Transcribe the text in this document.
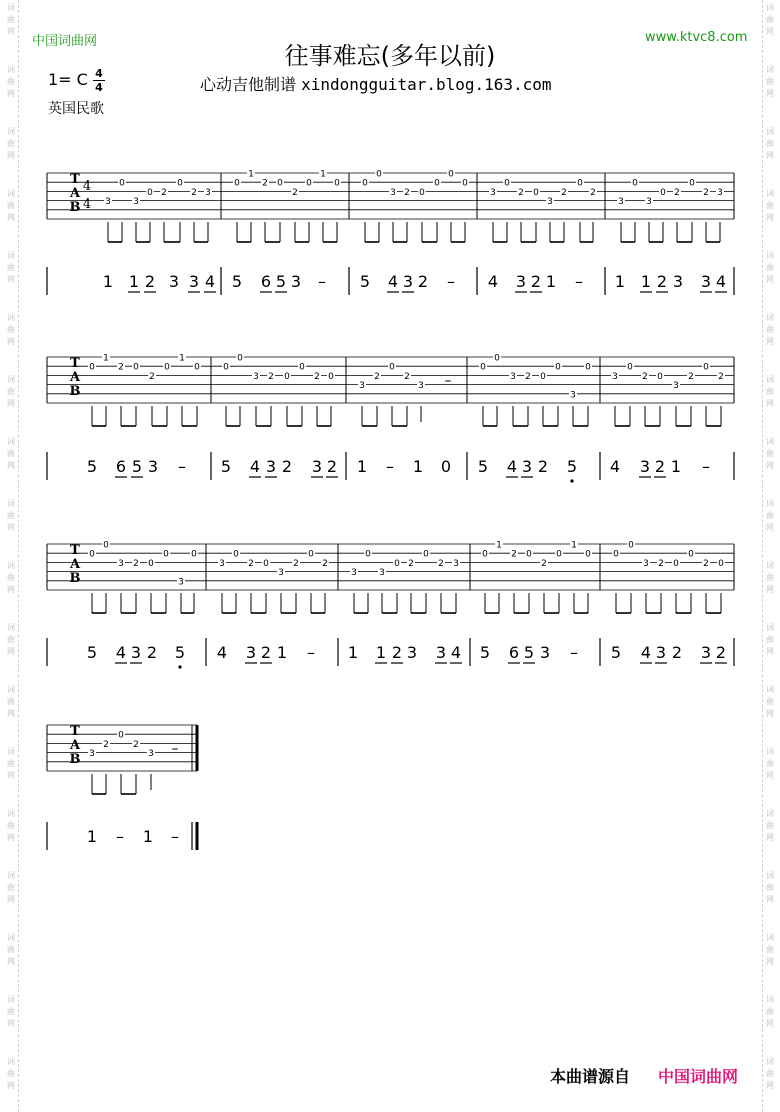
词
曲
网
词
曲
网
词
曲
网
词
曲
网
词
曲
网
词
曲
网
词
曲
网
词
曲
网
词
曲
网
词
曲
网
词
曲
网
词
曲
网
词
曲
网
词
曲
网
词
曲
网
词
曲
网
词
曲
网
词
曲
网
词
曲
网
词
曲
网
词
曲
网
词
曲
网
词
曲
网
词
曲
网
词
曲
网
词
曲
网
词
曲
网
词
曲
网
词
曲
网
词
曲
网
词
曲
网
词
曲
网
词
曲
网
词
曲
网
词
曲
网
词
曲
网
中国词曲网	www.ktvc8.com
往事难忘(多年以前)
1= C 4
4	心动吉他制谱 xindongguitar.blog.163.com
英国民歌
T
A
B
4
4 3
0
3
0 2
0
2 3
1 1 2 3 3 4
0
1
2 0
2
0
1
0
5 6 5 3 –
0
0
3 2 0
0
0
0
5 4 3 2 –
3
0
2 0
3
0
2	2
4 3 2 1 –
3
0
3
0 2
0
2 3
1 1 2 3 3 4
T
A
B
0
1
2 0
2
0
1
0
5 6 5 3 –
0
0
3 2 0
0
2 0
5 4 3 2 3 2
3
2
0
2
3 –
1 – 1 0
0
0
3 2 0
0
3
0
5 4 3 2 5
3
0
2 0
3
2
0
2
4 3 2 1 –
T
A
B
0
0
3 2 0
0
3
0
5 4 3 2 5
3
0
2 0
3
2
0
2
4 3 2 1 –
3
0
3
0 2
0
2 3
1 1 2 3 3 4
0
1
2 0
2
0
1
0
5 6 5 3 –
0
0
3 2 0
0
2 0
5 4 3 2 3 2
T
A
B 3
2
0
2
3 –
1 – 1 –
本曲谱源自 中国词曲网
